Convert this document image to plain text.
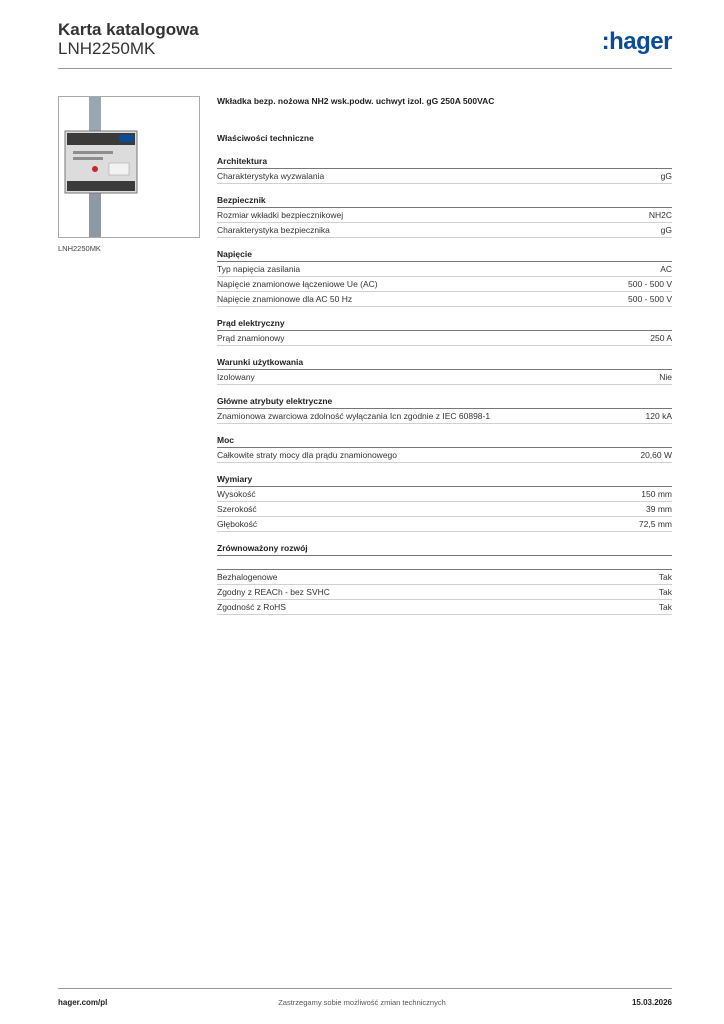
Karta katalogowa
LNH2250MK	:hager
LNH2250MK
Wkładka bezp. nożowa NH2 wsk.podw. uchwyt izol. gG 250A 500VAC
Właściwości techniczne
Architektura
Charakterystyka wyzwalania	gG
Bezpiecznik
Rozmiar wkładki bezpiecznikowej	NH2C
Charakterystyka bezpiecznika	gG
Napięcie
Typ napięcia zasilania	AC
Napięcie znamionowe łączeniowe Ue (AC)	500 - 500 V
Napięcie znamionowe dla AC 50 Hz	500 - 500 V
Prąd elektryczny
Prąd znamionowy	250 A
Warunki użytkowania
Izolowany	Nie
Główne atrybuty elektryczne
Znamionowa zwarciowa zdolność wyłączania Icn zgodnie z IEC 60898-1	120 kA
Moc
Całkowite straty mocy dla prądu znamionowego	20,60 W
Wymiary
Wysokość	150 mm
Szerokość	39 mm
Głębokość	72,5 mm
Zrównoważony rozwój
Bezhalogenowe	Tak
Zgodny z REACh - bez SVHC	Tak
Zgodność z RoHS	Tak
hager.com/pl	Zastrzegamy sobie możliwość zmian technicznych	15.03.2026
